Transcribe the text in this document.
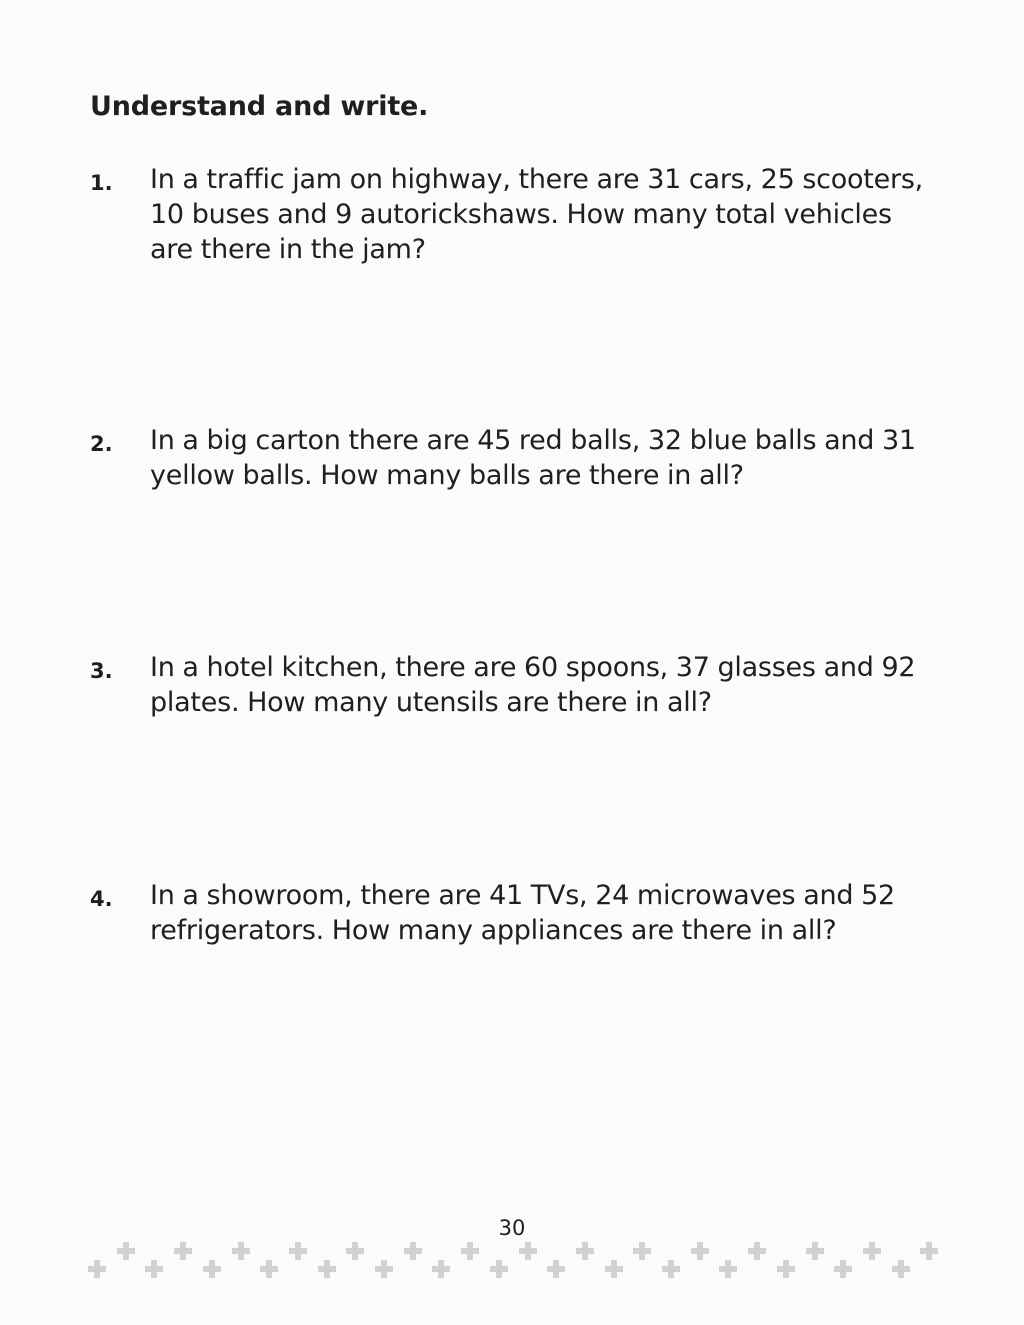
Understand and write.
1. In a traffic jam on highway, there are 31 cars, 25 scooters, 10 buses and 9 autorickshaws. How many total vehicles are there in the jam?

2. In a big carton there are 45 red balls, 32 blue balls and 31 yellow balls. How many balls are there in all?

3. In a hotel kitchen, there are 60 spoons, 37 glasses and 92 plates. How many utensils are there in all?

4. In a showroom, there are 41 TVs, 24 microwaves and 52 refrigerators. How many appliances are there in all?

30
